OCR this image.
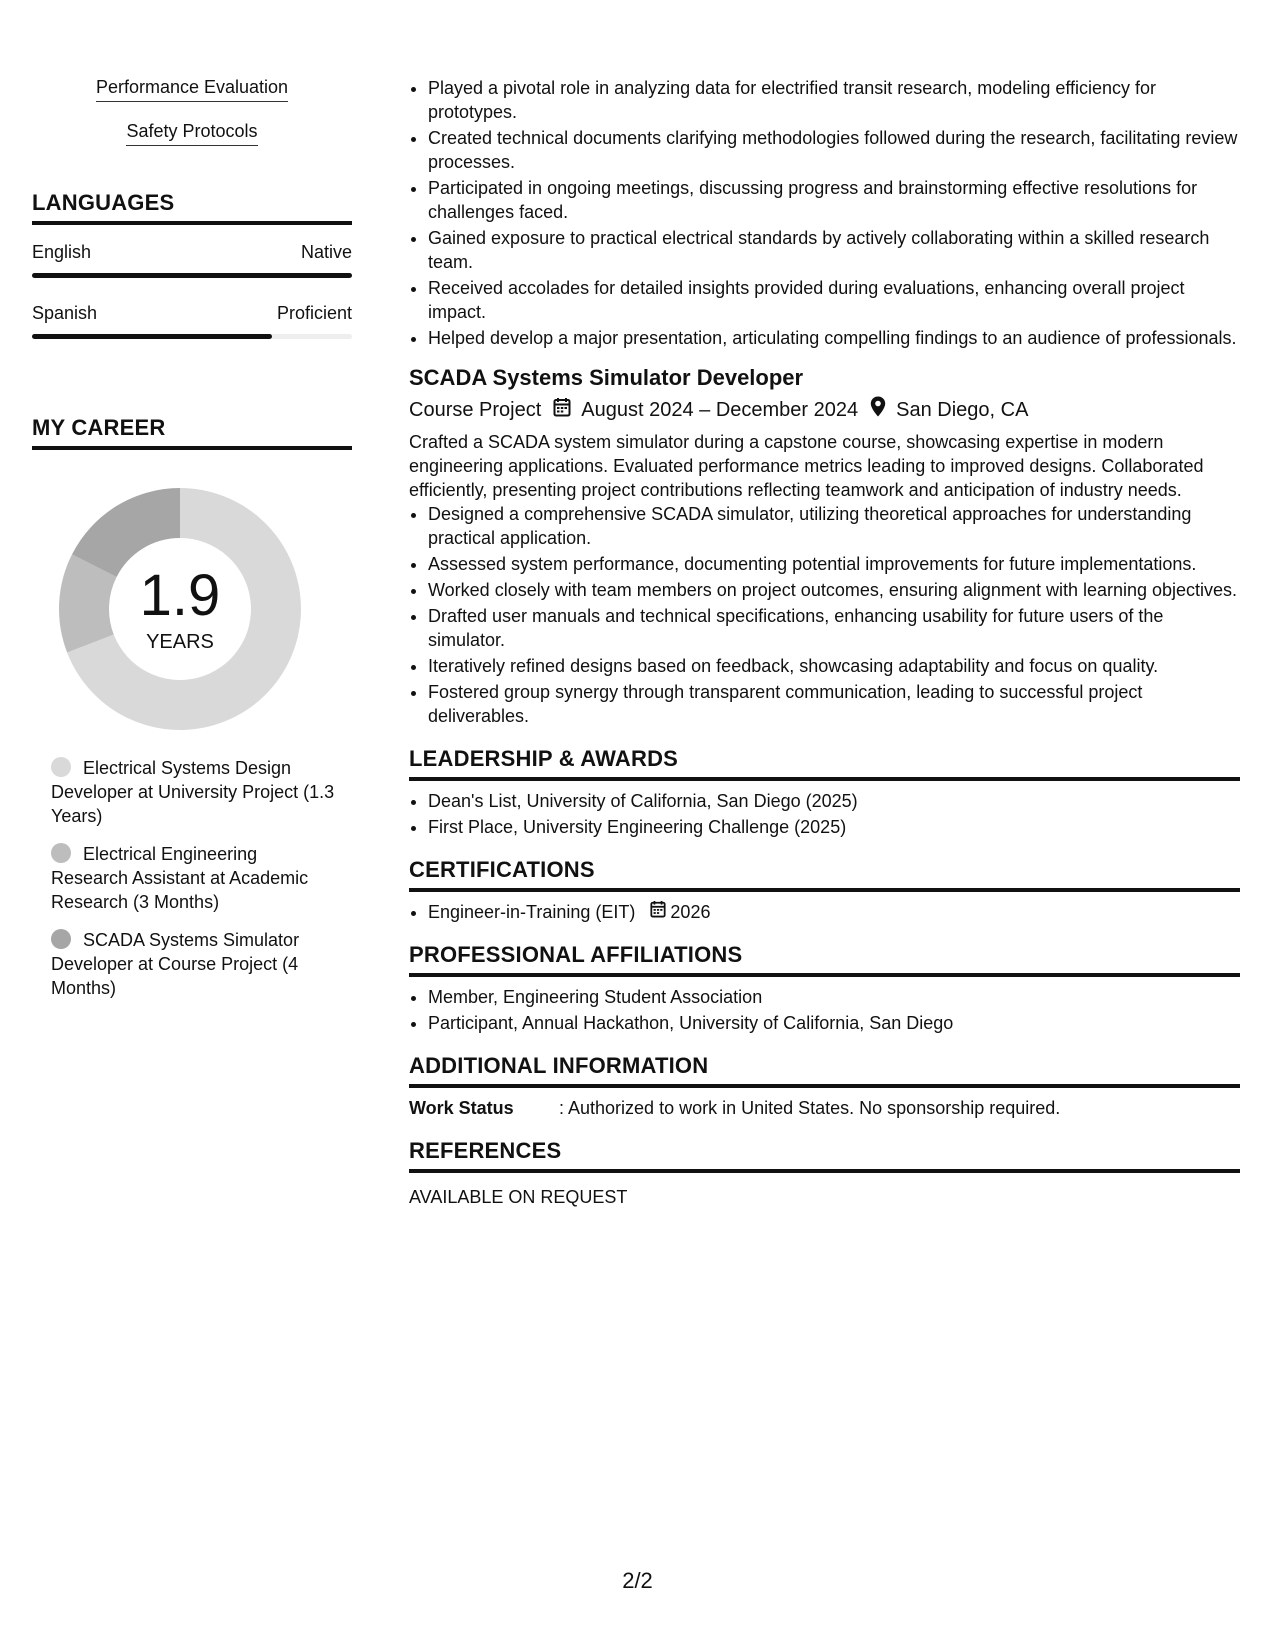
Performance Evaluation
Safety Protocols
LANGUAGES
English	Native
Spanish	Proficient
MY CAREER
1.9
YEARS
Electrical Systems Design Developer at University Project (1.3 Years)
Electrical Engineering Research Assistant at Academic Research (3 Months)
SCADA Systems Simulator Developer at Course Project (4 Months)
• Played a pivotal role in analyzing data for electrified transit research, modeling efficiency for prototypes.
• Created technical documents clarifying methodologies followed during the research, facilitating review processes.
• Participated in ongoing meetings, discussing progress and brainstorming effective resolutions for challenges faced.
• Gained exposure to practical electrical standards by actively collaborating within a skilled research team.
• Received accolades for detailed insights provided during evaluations, enhancing overall project impact.
• Helped develop a major presentation, articulating compelling findings to an audience of professionals.
SCADA Systems Simulator Developer
Course Project August 2024 – December 2024 San Diego, CA
Crafted a SCADA system simulator during a capstone course, showcasing expertise in modern engineering applications. Evaluated performance metrics leading to improved designs. Collaborated efficiently, presenting project contributions reflecting teamwork and anticipation of industry needs.
• Designed a comprehensive SCADA simulator, utilizing theoretical approaches for understanding practical application.
• Assessed system performance, documenting potential improvements for future implementations.
• Worked closely with team members on project outcomes, ensuring alignment with learning objectives.
• Drafted user manuals and technical specifications, enhancing usability for future users of the simulator.
• Iteratively refined designs based on feedback, showcasing adaptability and focus on quality.
• Fostered group synergy through transparent communication, leading to successful project deliverables.
LEADERSHIP & AWARDS
• Dean's List, University of California, San Diego (2025)
• First Place, University Engineering Challenge (2025)
CERTIFICATIONS
• Engineer-in-Training (EIT) 2026
PROFESSIONAL AFFILIATIONS
• Member, Engineering Student Association
• Participant, Annual Hackathon, University of California, San Diego
ADDITIONAL INFORMATION
Work Status	: Authorized to work in United States. No sponsorship required.
REFERENCES
AVAILABLE ON REQUEST
2/2
